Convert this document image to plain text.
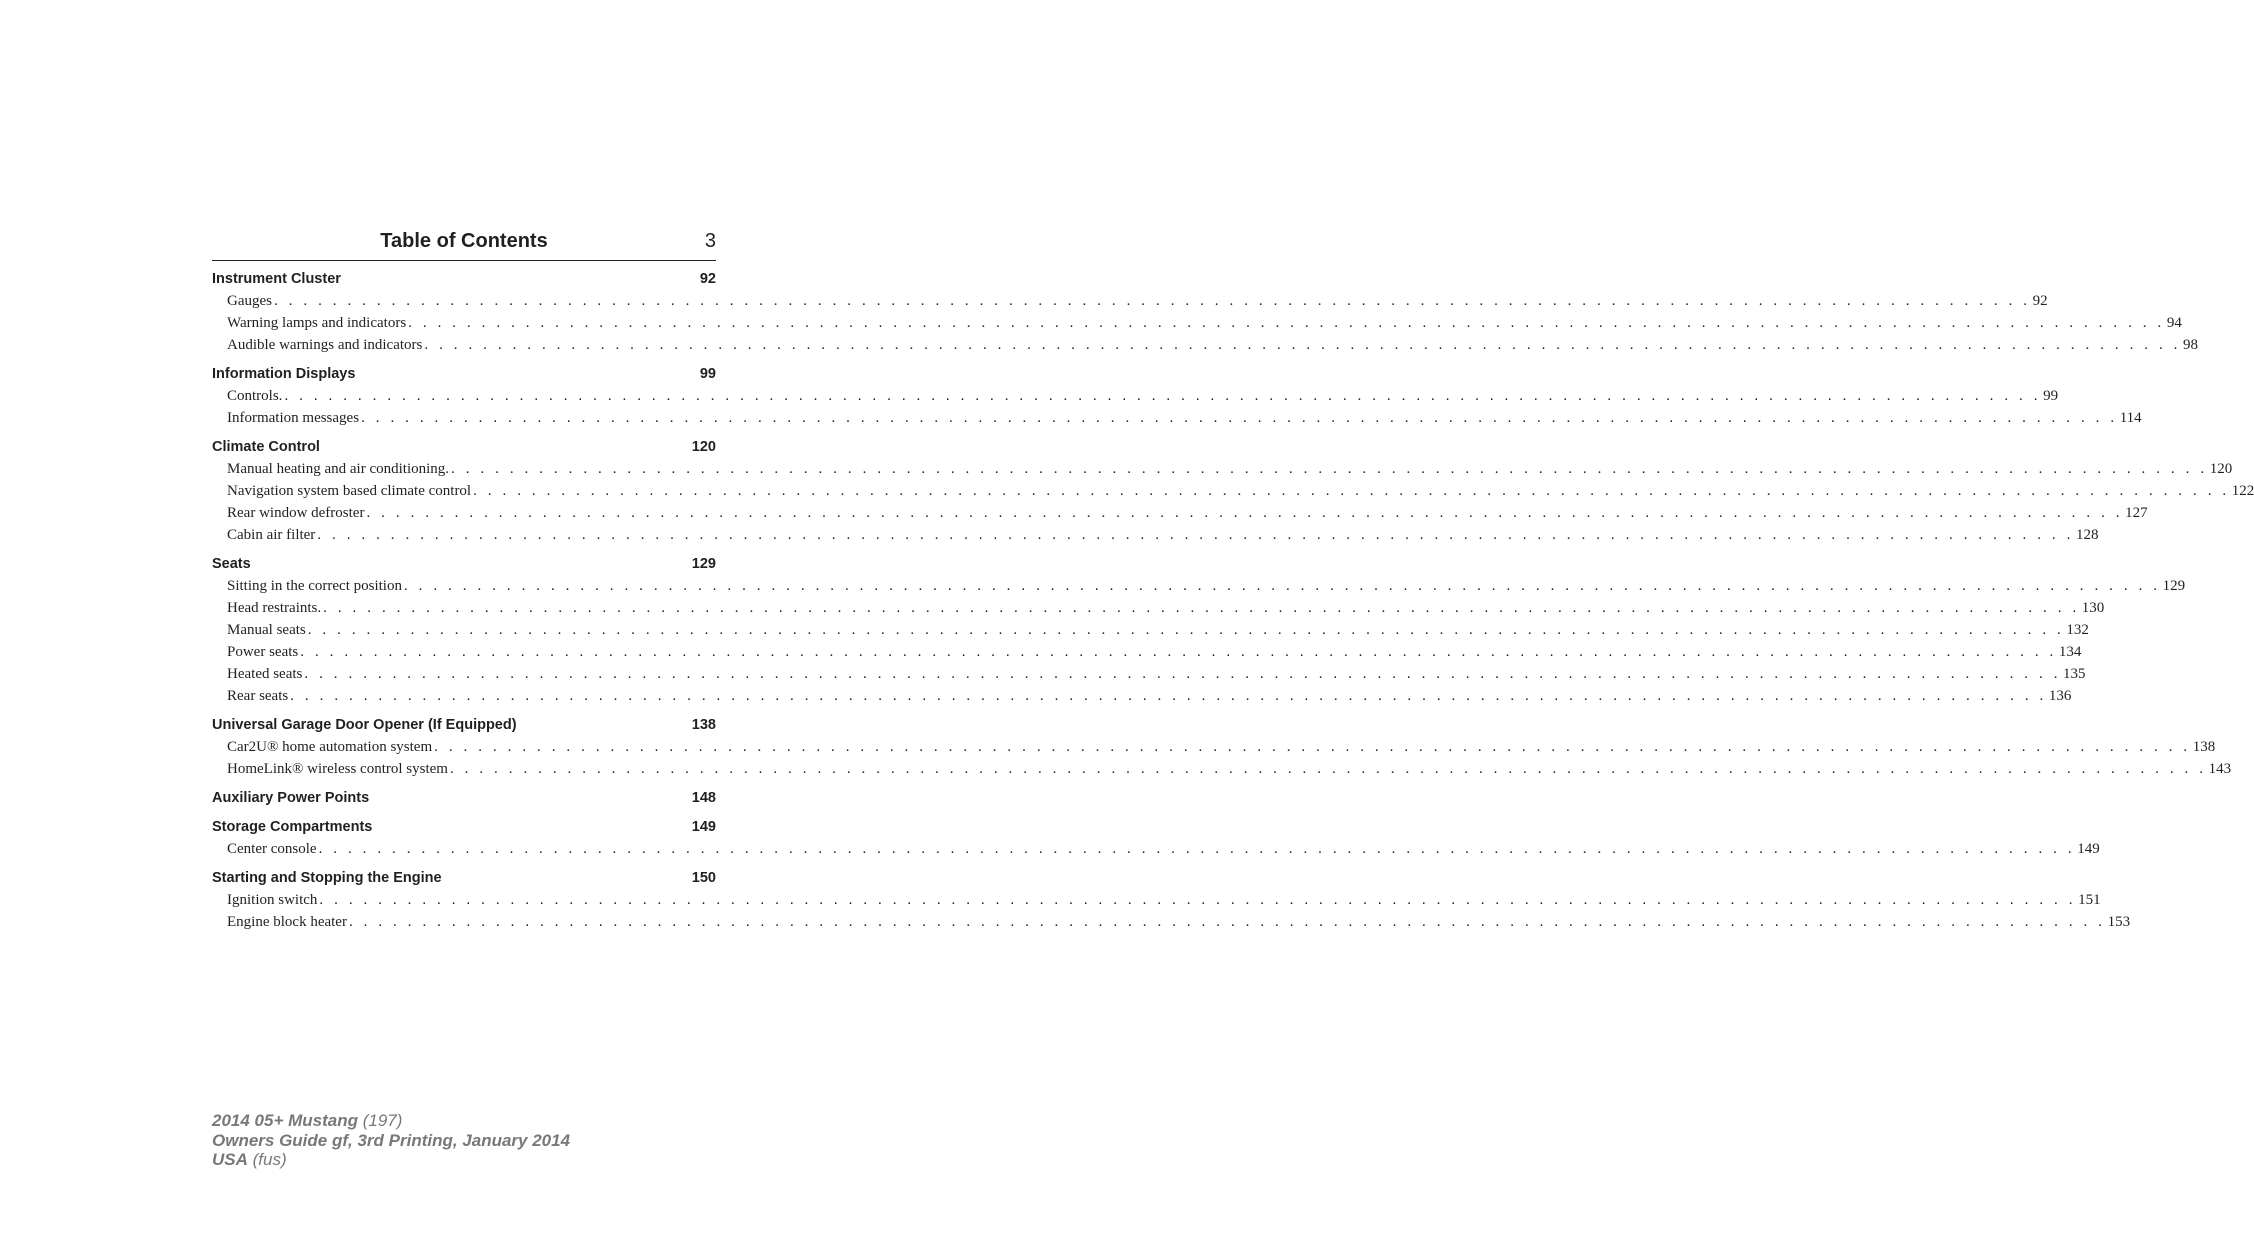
Table of Contents	3
Instrument Cluster	92
Gauges . . . . . . . . . . . . . . . . . . . . . . . . . . . . . . . . . . . . . . . . . . . . . . . . . . . . . . . . . . . . . . . . . . . . . . . . . . . . . . . . . . . . . . . . . . . . . . . . . . . . . . . . . . . . . . . . . . . . . . . . 92
Warning lamps and indicators . . . . . . . . . . . . . . . . . . . . . . . . . . . . . . . . . . . . . . . . . . . . . . . . . . . . . . . . . . . . . . . . . . . . . . . . . . . . . . . . . . . . . . . . . . . . . . . . . . . . . . . . . . . . . . . . . . . . . . . . 94
Audible warnings and indicators . . . . . . . . . . . . . . . . . . . . . . . . . . . . . . . . . . . . . . . . . . . . . . . . . . . . . . . . . . . . . . . . . . . . . . . . . . . . . . . . . . . . . . . . . . . . . . . . . . . . . . . . . . . . . . . . . . . . . . . . 98
Information Displays	99
Controls. . . . . . . . . . . . . . . . . . . . . . . . . . . . . . . . . . . . . . . . . . . . . . . . . . . . . . . . . . . . . . . . . . . . . . . . . . . . . . . . . . . . . . . . . . . . . . . . . . . . . . . . . . . . . . . . . . . . . . . . . 99
Information messages . . . . . . . . . . . . . . . . . . . . . . . . . . . . . . . . . . . . . . . . . . . . . . . . . . . . . . . . . . . . . . . . . . . . . . . . . . . . . . . . . . . . . . . . . . . . . . . . . . . . . . . . . . . . . . . . . . . . . . . . 114
Climate Control	120
Manual heating and air conditioning. . . . . . . . . . . . . . . . . . . . . . . . . . . . . . . . . . . . . . . . . . . . . . . . . . . . . . . . . . . . . . . . . . . . . . . . . . . . . . . . . . . . . . . . . . . . . . . . . . . . . . . . . . . . . . . . . . . . . . . . . 120
Navigation system based climate control . . . . . . . . . . . . . . . . . . . . . . . . . . . . . . . . . . . . . . . . . . . . . . . . . . . . . . . . . . . . . . . . . . . . . . . . . . . . . . . . . . . . . . . . . . . . . . . . . . . . . . . . . . . . . . . . . . . . . . . . 122
Rear window defroster . . . . . . . . . . . . . . . . . . . . . . . . . . . . . . . . . . . . . . . . . . . . . . . . . . . . . . . . . . . . . . . . . . . . . . . . . . . . . . . . . . . . . . . . . . . . . . . . . . . . . . . . . . . . . . . . . . . . . . . . 127
Cabin air filter . . . . . . . . . . . . . . . . . . . . . . . . . . . . . . . . . . . . . . . . . . . . . . . . . . . . . . . . . . . . . . . . . . . . . . . . . . . . . . . . . . . . . . . . . . . . . . . . . . . . . . . . . . . . . . . . . . . . . . . . 128
Seats	129
Sitting in the correct position . . . . . . . . . . . . . . . . . . . . . . . . . . . . . . . . . . . . . . . . . . . . . . . . . . . . . . . . . . . . . . . . . . . . . . . . . . . . . . . . . . . . . . . . . . . . . . . . . . . . . . . . . . . . . . . . . . . . . . . . 129
Head restraints. . . . . . . . . . . . . . . . . . . . . . . . . . . . . . . . . . . . . . . . . . . . . . . . . . . . . . . . . . . . . . . . . . . . . . . . . . . . . . . . . . . . . . . . . . . . . . . . . . . . . . . . . . . . . . . . . . . . . . . . . 130
Manual seats . . . . . . . . . . . . . . . . . . . . . . . . . . . . . . . . . . . . . . . . . . . . . . . . . . . . . . . . . . . . . . . . . . . . . . . . . . . . . . . . . . . . . . . . . . . . . . . . . . . . . . . . . . . . . . . . . . . . . . . . 132
Power seats . . . . . . . . . . . . . . . . . . . . . . . . . . . . . . . . . . . . . . . . . . . . . . . . . . . . . . . . . . . . . . . . . . . . . . . . . . . . . . . . . . . . . . . . . . . . . . . . . . . . . . . . . . . . . . . . . . . . . . . . 134
Heated seats . . . . . . . . . . . . . . . . . . . . . . . . . . . . . . . . . . . . . . . . . . . . . . . . . . . . . . . . . . . . . . . . . . . . . . . . . . . . . . . . . . . . . . . . . . . . . . . . . . . . . . . . . . . . . . . . . . . . . . . . 135
Rear seats . . . . . . . . . . . . . . . . . . . . . . . . . . . . . . . . . . . . . . . . . . . . . . . . . . . . . . . . . . . . . . . . . . . . . . . . . . . . . . . . . . . . . . . . . . . . . . . . . . . . . . . . . . . . . . . . . . . . . . . . 136
Universal Garage Door Opener (If Equipped)	138
Car2U® home automation system . . . . . . . . . . . . . . . . . . . . . . . . . . . . . . . . . . . . . . . . . . . . . . . . . . . . . . . . . . . . . . . . . . . . . . . . . . . . . . . . . . . . . . . . . . . . . . . . . . . . . . . . . . . . . . . . . . . . . . . . 138
HomeLink® wireless control system . . . . . . . . . . . . . . . . . . . . . . . . . . . . . . . . . . . . . . . . . . . . . . . . . . . . . . . . . . . . . . . . . . . . . . . . . . . . . . . . . . . . . . . . . . . . . . . . . . . . . . . . . . . . . . . . . . . . . . . . 143
Auxiliary Power Points	148
Storage Compartments	149
Center console . . . . . . . . . . . . . . . . . . . . . . . . . . . . . . . . . . . . . . . . . . . . . . . . . . . . . . . . . . . . . . . . . . . . . . . . . . . . . . . . . . . . . . . . . . . . . . . . . . . . . . . . . . . . . . . . . . . . . . . . 149
Starting and Stopping the Engine	150
Ignition switch . . . . . . . . . . . . . . . . . . . . . . . . . . . . . . . . . . . . . . . . . . . . . . . . . . . . . . . . . . . . . . . . . . . . . . . . . . . . . . . . . . . . . . . . . . . . . . . . . . . . . . . . . . . . . . . . . . . . . . . . 151
Engine block heater . . . . . . . . . . . . . . . . . . . . . . . . . . . . . . . . . . . . . . . . . . . . . . . . . . . . . . . . . . . . . . . . . . . . . . . . . . . . . . . . . . . . . . . . . . . . . . . . . . . . . . . . . . . . . . . . . . . . . . . . 153
2014 05+ Mustang (197)
Owners Guide gf, 3rd Printing, January 2014
USA (fus)
